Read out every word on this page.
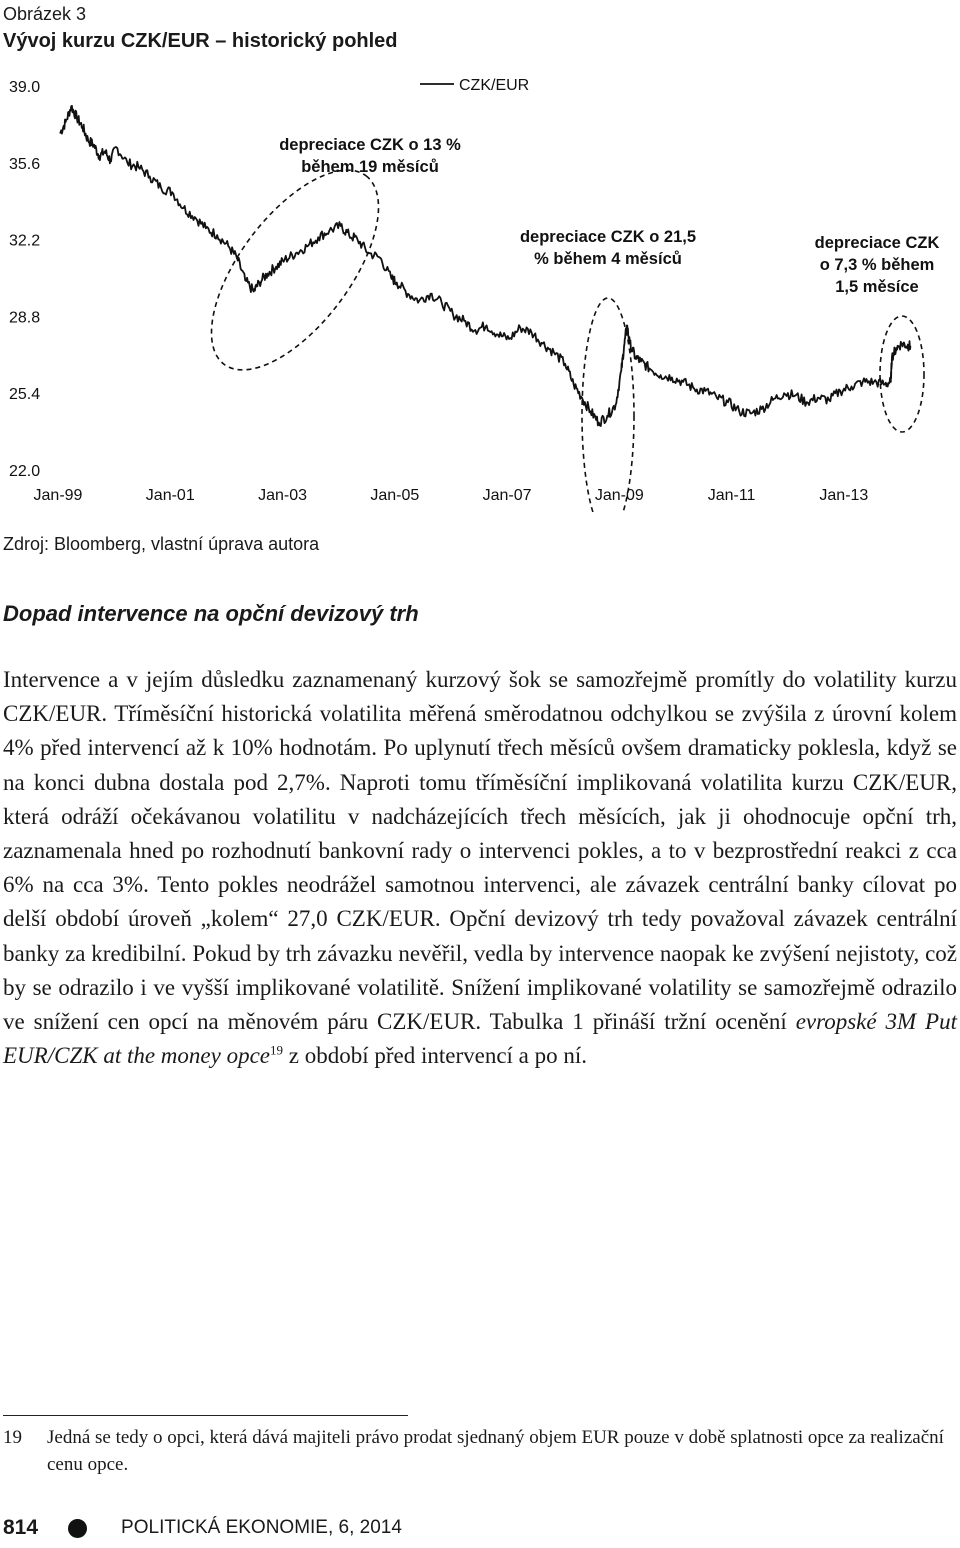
Obrázek 3
Vývoj kurzu CZK/EUR – historický pohled
39.0
35.6
32.2
28.8
25.4
22.0
Jan-99	Jan-01	Jan-03	Jan-05	Jan-07	Jan-09	Jan-11	Jan-13
depreciace CZK o 13 %
během 19 měsíců
depreciace CZK o 21,5
% během 4 měsíců
depreciace CZK
o 7,3 % během
1,5 měsíce
CZK/EUR
Zdroj: Bloomberg, vlastní úprava autora
Dopad intervence na opční devizový trh

Intervence a v jejím důsledku zaznamenaný kurzový šok se samozřejmě promítly do volatility kurzu CZK/EUR. Tříměsíční historická volatilita měřená směrodatnou odchylkou se zvýšila z úrovní kolem 4% před intervencí až k 10% hodnotám. Po uplynutí třech měsíců ovšem dramaticky poklesla, když se na konci dubna dostala pod 2,7%. Naproti tomu tříměsíční implikovaná volatilita kurzu CZK/EUR, která odráží očekávanou volatilitu v nadcházejících třech měsících, jak ji ohodnocuje opční trh, zaznamenala hned po rozhodnutí bankovní rady o intervenci pokles, a to v bezprostřední reakci z cca 6% na cca 3%. Tento pokles neodrážel samotnou intervenci, ale závazek centrální banky cílovat po delší období úroveň „kolem“ 27,0 CZK/EUR. Opční devizový trh tedy považoval závazek centrální banky za kredibilní. Pokud by trh závazku nevěřil, vedla by intervence naopak ke zvýšení nejistoty, což by se odrazilo i ve vyšší implikované volatilitě. Snížení implikované volatility se samozřejmě odrazilo ve snížení cen opcí na měnovém páru CZK/EUR. Tabulka 1 přináší tržní ocenění evropské 3M Put EUR/CZK at the money opce$^{19}$ z období před intervencí a po ní.

19 Jedná se tedy o opci, která dává majiteli právo prodat sjednaný objem EUR pouze v době splatnosti opce za realizační cenu opce.
814	POLITICKÁ EKONOMIE, 6, 2014
